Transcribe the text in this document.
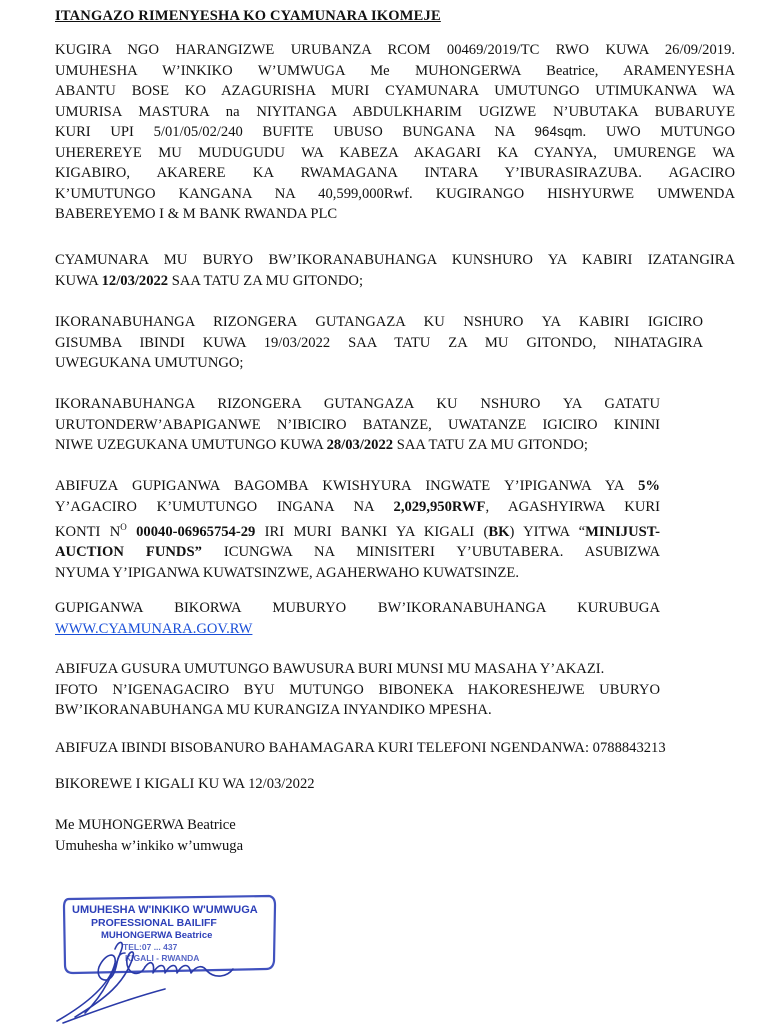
ITANGAZO RIMENYESHA KO CYAMUNARA IKOMEJE
KUGIRA NGO HARANGIZWE URUBANZA RCOM 00469/2019/TC RWO KUWA 26/09/2019.
UMUHESHA W’INKIKO W’UMWUGA Me MUHONGERWA Beatrice, ARAMENYESHA
ABANTU BOSE KO AZAGURISHA MURI CYAMUNARA UMUTUNGO UTIMUKANWA WA
UMURISA MASTURA na NIYITANGA ABDULKHARIM UGIZWE N’UBUTAKA BUBARUYE
KURI UPI 5/01/05/02/240 BUFITE UBUSO BUNGANA NA 964sqm. UWO MUTUNGO
UHEREREYE MU MUDUGUDU WA KABEZA AKAGARI KA CYANYA, UMURENGE WA
KIGABIRO, AKARERE KA RWAMAGANA INTARA Y’IBURASIRAZUBA. AGACIRO
K’UMUTUNGO KANGANA NA 40,599,000Rwf. KUGIRANGO HISHYURWE UMWENDA
BABEREYEMO I & M BANK RWANDA PLC
CYAMUNARA MU BURYO BW’IKORANABUHANGA KUNSHURO YA KABIRI IZATANGIRA
KUWA 12/03/2022 SAA TATU ZA MU GITONDO;
IKORANABUHANGA RIZONGERA GUTANGAZA KU NSHURO YA KABIRI IGICIRO
GISUMBA IBINDI KUWA 19/03/2022 SAA TATU ZA MU GITONDO, NIHATAGIRA
UWEGUKANA UMUTUNGO;
IKORANABUHANGA RIZONGERA GUTANGAZA KU NSHURO YA GATATU
URUTONDERW’ABAPIGANWE N’IBICIRO BATANZE, UWATANZE IGICIRO KININI
NIWE UZEGUKANA UMUTUNGO KUWA 28/03/2022 SAA TATU ZA MU GITONDO;
ABIFUZA GUPIGANWA BAGOMBA KWISHYURA INGWATE Y’IPIGANWA YA 5%
Y’AGACIRO K’UMUTUNGO INGANA NA 2,029,950RWF, AGASHYIRWA KURI
KONTI $N^O$ 00040-06965754-29 IRI MURI BANKI YA KIGALI (BK) YITWA “MINIJUST-
AUCTION FUNDS” ICUNGWA NA MINISITERI Y’UBUTABERA. ASUBIZWA
NYUMA Y’IPIGANWA KUWATSINZWE, AGAHERWAHO KUWATSINZE.
GUPIGANWA BIKORWA MUBURYO BW’IKORANABUHANGA KURUBUGA
WWW.CYAMUNARA.GOV.RW
ABIFUZA GUSURA UMUTUNGO BAWUSURA BURI MUNSI MU MASAHA Y’AKAZI.
IFOTO N’IGENAGACIRO BYU MUTUNGO BIBONEKA HAKORESHEJWE UBURYO
BW’IKORANABUHANGA MU KURANGIZA INYANDIKO MPESHA.
ABIFUZA IBINDI BISOBANURO BAHAMAGARA KURI TELEFONI NGENDANWA: 0788843213
BIKOREWE I KIGALI KU WA 12/03/2022
Me MUHONGERWA Beatrice
Umuhesha w’inkiko w’umwuga
UMUHESHA W'INKIKO W'UMWUGA
PROFESSIONAL BAILIFF
MUHONGERWA Beatrice
TEL:07 ... 437
KIGALI - RWANDA
